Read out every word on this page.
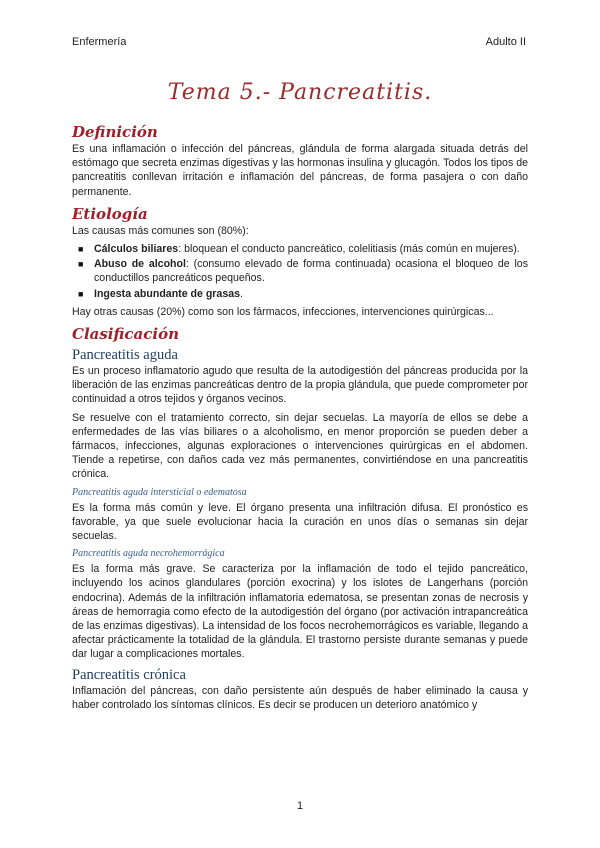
Enfermería	Adulto II
Tema 5.- Pancreatitis.
Definición

Es una inflamación o infección del páncreas, glándula de forma alargada situada detrás del estómago que secreta enzimas digestivas y las hormonas insulina y glucagón. Todos los tipos de pancreatitis conllevan irritación e inflamación del páncreas, de forma pasajera o con daño permanente.

Etiología

Las causas más comunes son (80%):

■ Cálculos biliares: bloquean el conducto pancreático, colelitiasis (más común en mujeres).
■ Abuso de alcohol: (consumo elevado de forma continuada) ocasiona el bloqueo de los conductillos pancreáticos pequeños.
■ Ingesta abundante de grasas.

Hay otras causas (20%) como son los fármacos, infecciones, intervenciones quirúrgicas...

Clasificación
Pancreatitis aguda

Es un proceso inflamatorio agudo que resulta de la autodigestión del páncreas producida por la liberación de las enzimas pancreáticas dentro de la propia glándula, que puede comprometer por continuidad a otros tejidos y órganos vecinos.

Se resuelve con el tratamiento correcto, sin dejar secuelas. La mayoría de ellos se debe a enfermedades de las vías biliares o a alcoholismo, en menor proporción se pueden deber a fármacos, infecciones, algunas exploraciones o intervenciones quirúrgicas en el abdomen. Tiende a repetirse, con daños cada vez más permanentes, convirtiéndose en una pancreatitis crónica.

Pancreatitis aguda intersticial o edematosa

Es la forma más común y leve. El órgano presenta una infiltración difusa. El pronóstico es favorable, ya que suele evolucionar hacia la curación en unos días o semanas sin dejar secuelas.

Pancreatitis aguda necrohemorrágica

Es la forma más grave. Se caracteriza por la inflamación de todo el tejido pancreático, incluyendo los acinos glandulares (porción exocrina) y los islotes de Langerhans (porción endocrina). Además de la infiltración inflamatoria edematosa, se presentan zonas de necrosis y áreas de hemorragia como efecto de la autodigestión del órgano (por activación intrapancreática de las enzimas digestivas). La intensidad de los focos necrohemorrágicos es variable, llegando a afectar prácticamente la totalidad de la glándula. El trastorno persiste durante semanas y puede dar lugar a complicaciones mortales.

Pancreatitis crónica

Inflamación del páncreas, con daño persistente aún después de haber eliminado la causa y haber controlado los síntomas clínicos. Es decir se producen un deterioro anatómico y

1
